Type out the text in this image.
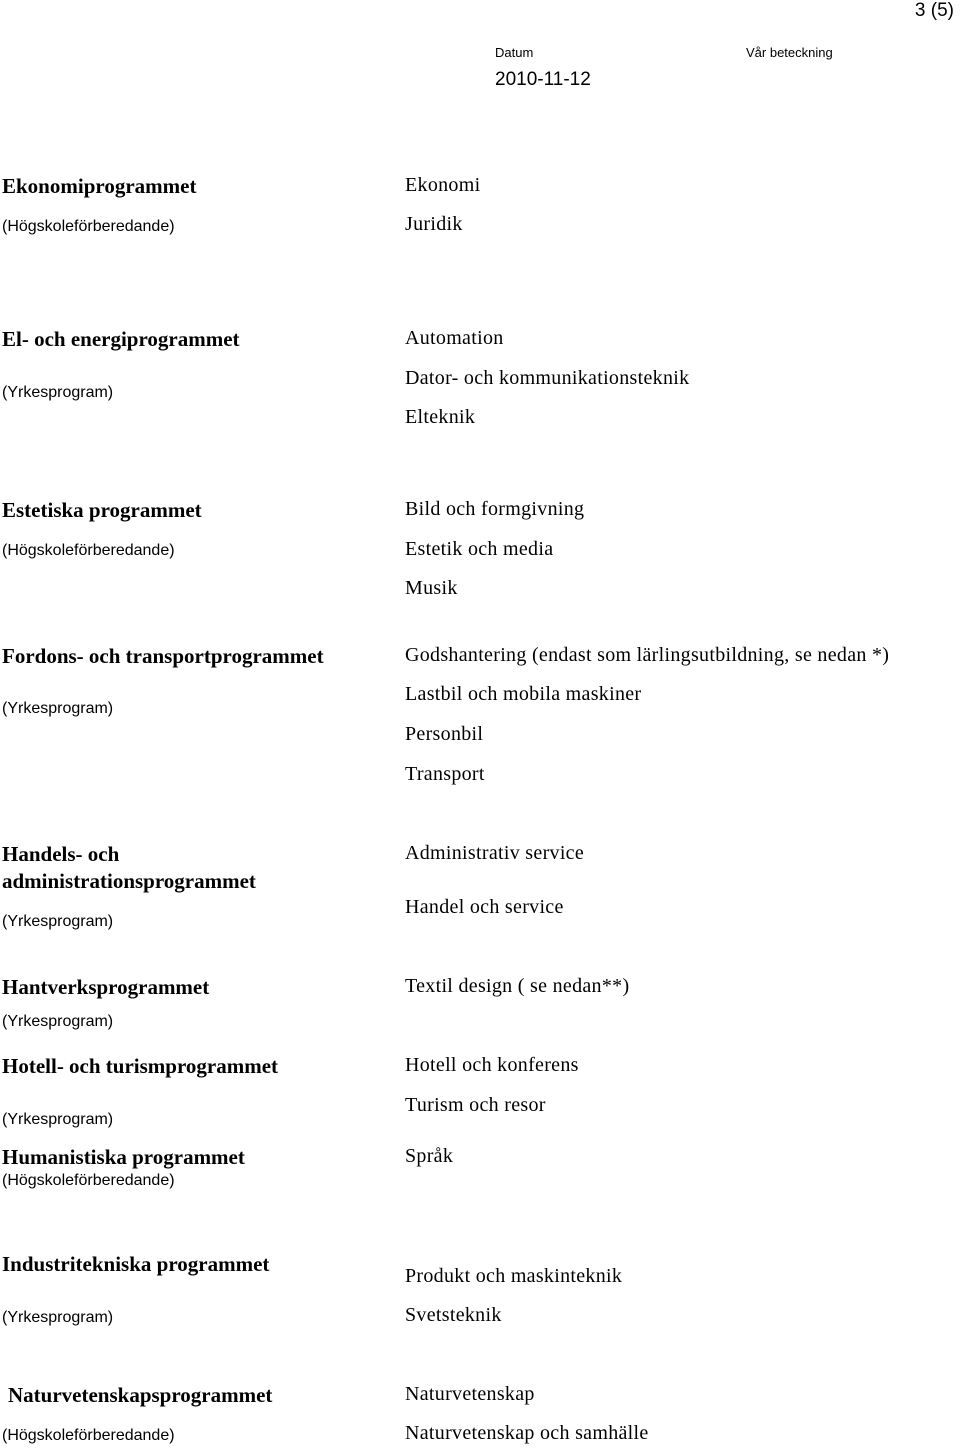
3 (5)
Datum	Vår beteckning
2010-11-12
Ekonomiprogrammet
(Högskoleförberedande)
Ekonomi
Juridik
El- och energiprogrammet
(Yrkesprogram)
Automation
Dator- och kommunikationsteknik
Elteknik
Estetiska programmet
(Högskoleförberedande)
Bild och formgivning
Estetik och media
Musik
Fordons- och transportprogrammet
(Yrkesprogram)
Godshantering (endast som lärlingsutbildning, se nedan *)
Lastbil och mobila maskiner
Personbil
Transport
Handels- och
administrationsprogrammet
(Yrkesprogram)
Administrativ service
Handel och service
Hantverksprogrammet
(Yrkesprogram)
Textil design ( se nedan**)
Hotell- och turismprogrammet
(Yrkesprogram)
Hotell och konferens
Turism och resor
Humanistiska programmet
(Högskoleförberedande)
Språk
Industritekniska programmet
(Yrkesprogram)
Produkt och maskinteknik
Svetsteknik
Naturvetenskapsprogrammet
(Högskoleförberedande)
Naturvetenskap
Naturvetenskap och samhälle
